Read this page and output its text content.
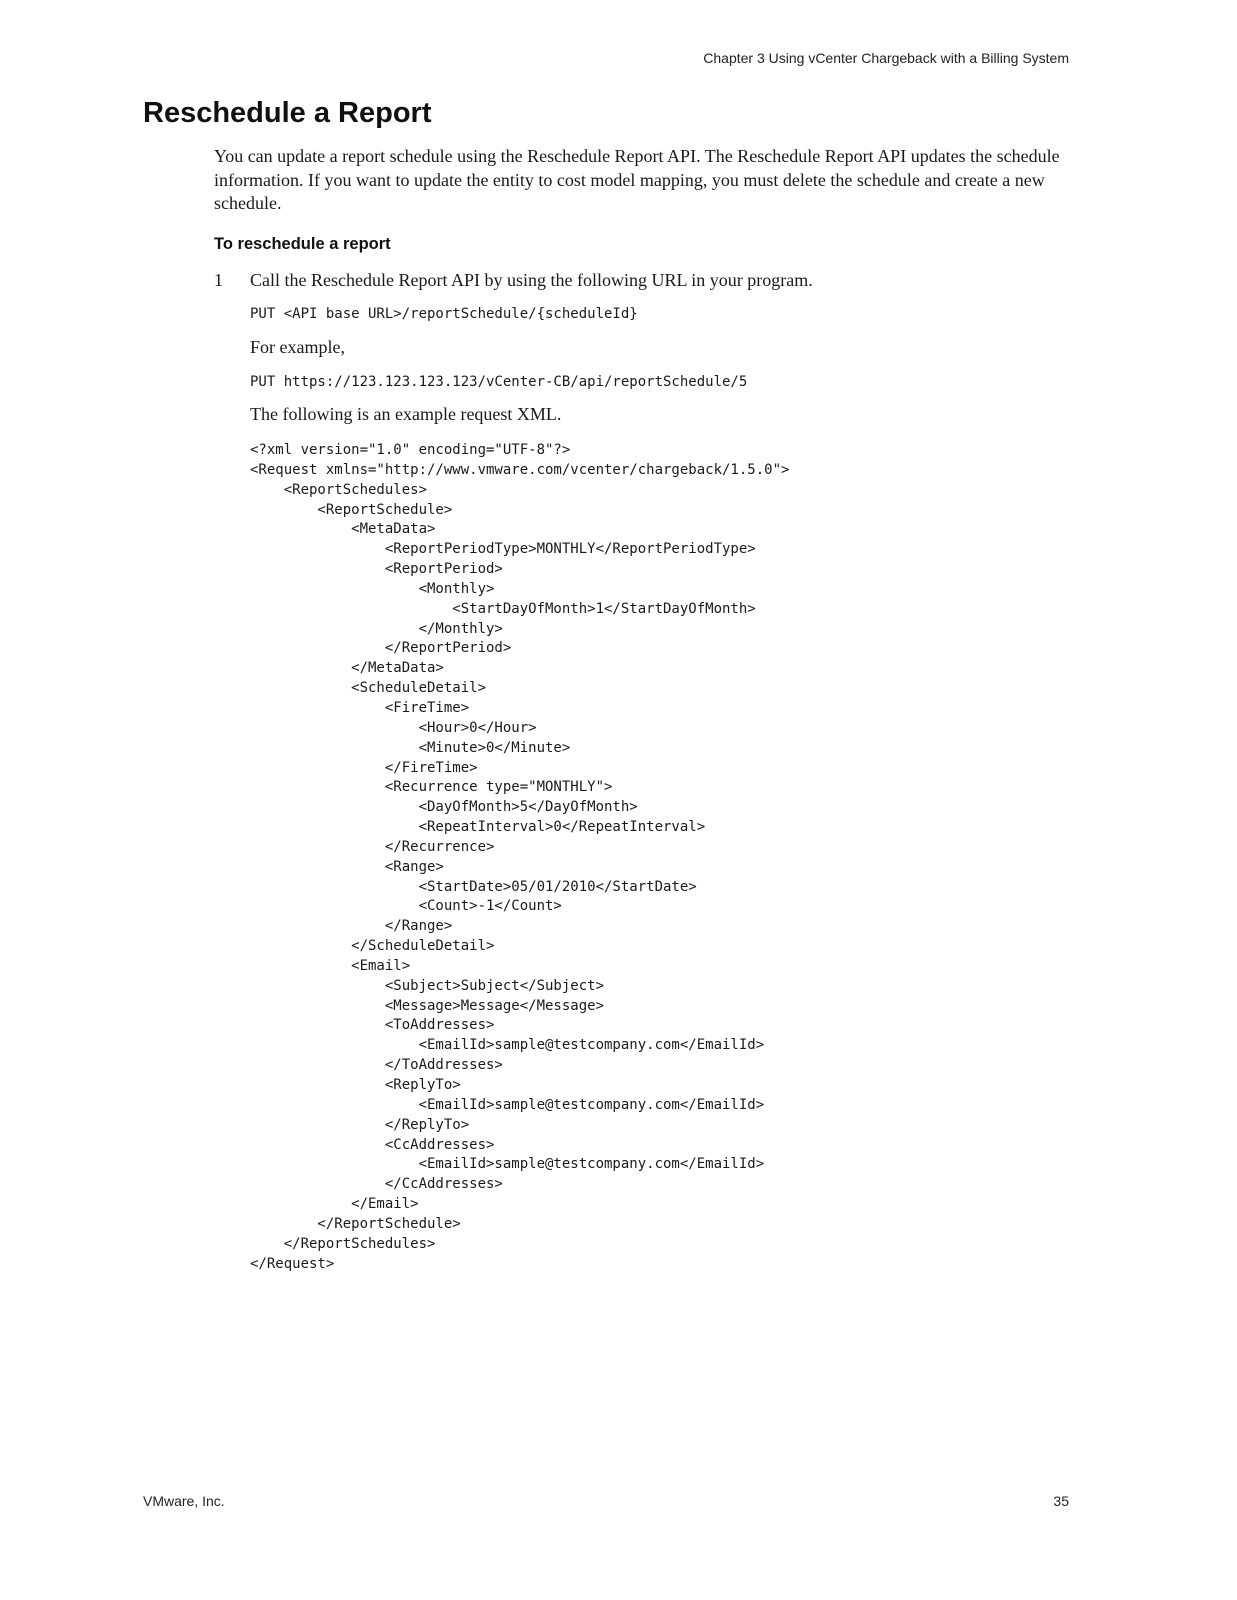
Chapter 3 Using vCenter Chargeback with a Billing System
Reschedule a Report

You can update a report schedule using the Reschedule Report API. The Reschedule Report API updates the schedule information. If you want to update the entity to cost model mapping, you must delete the schedule and create a new schedule.

To reschedule a report
1 Call the Reschedule Report API by using the following URL in your program.
PUT <API base URL>/reportSchedule/{scheduleId}
For example,
PUT https://123.123.123.123/vCenter-CB/api/reportSchedule/5
The following is an example request XML.
<?xml version="1.0" encoding="UTF-8"?>
<Request xmlns="http://www.vmware.com/vcenter/chargeback/1.5.0">
<ReportSchedules>
<ReportSchedule>
<MetaData>
<ReportPeriodType>MONTHLY</ReportPeriodType>
<ReportPeriod>
<Monthly>
<StartDayOfMonth>1</StartDayOfMonth>
</Monthly>
</ReportPeriod>
</MetaData>
<ScheduleDetail>
<FireTime>
<Hour>0</Hour>
<Minute>0</Minute>
</FireTime>
<Recurrence type="MONTHLY">
<DayOfMonth>5</DayOfMonth>
<RepeatInterval>0</RepeatInterval>
</Recurrence>
<Range>
<StartDate>05/01/2010</StartDate>
<Count>-1</Count>
</Range>
</ScheduleDetail>
<Email>
<Subject>Subject</Subject>
<Message>Message</Message>
<ToAddresses>
<EmailId>sample@testcompany.com</EmailId>
</ToAddresses>
<ReplyTo>
<EmailId>sample@testcompany.com</EmailId>
</ReplyTo>
<CcAddresses>
<EmailId>sample@testcompany.com</EmailId>
</CcAddresses>
</Email>
</ReportSchedule>
</ReportSchedules>
</Request>
VMware, Inc.	35
